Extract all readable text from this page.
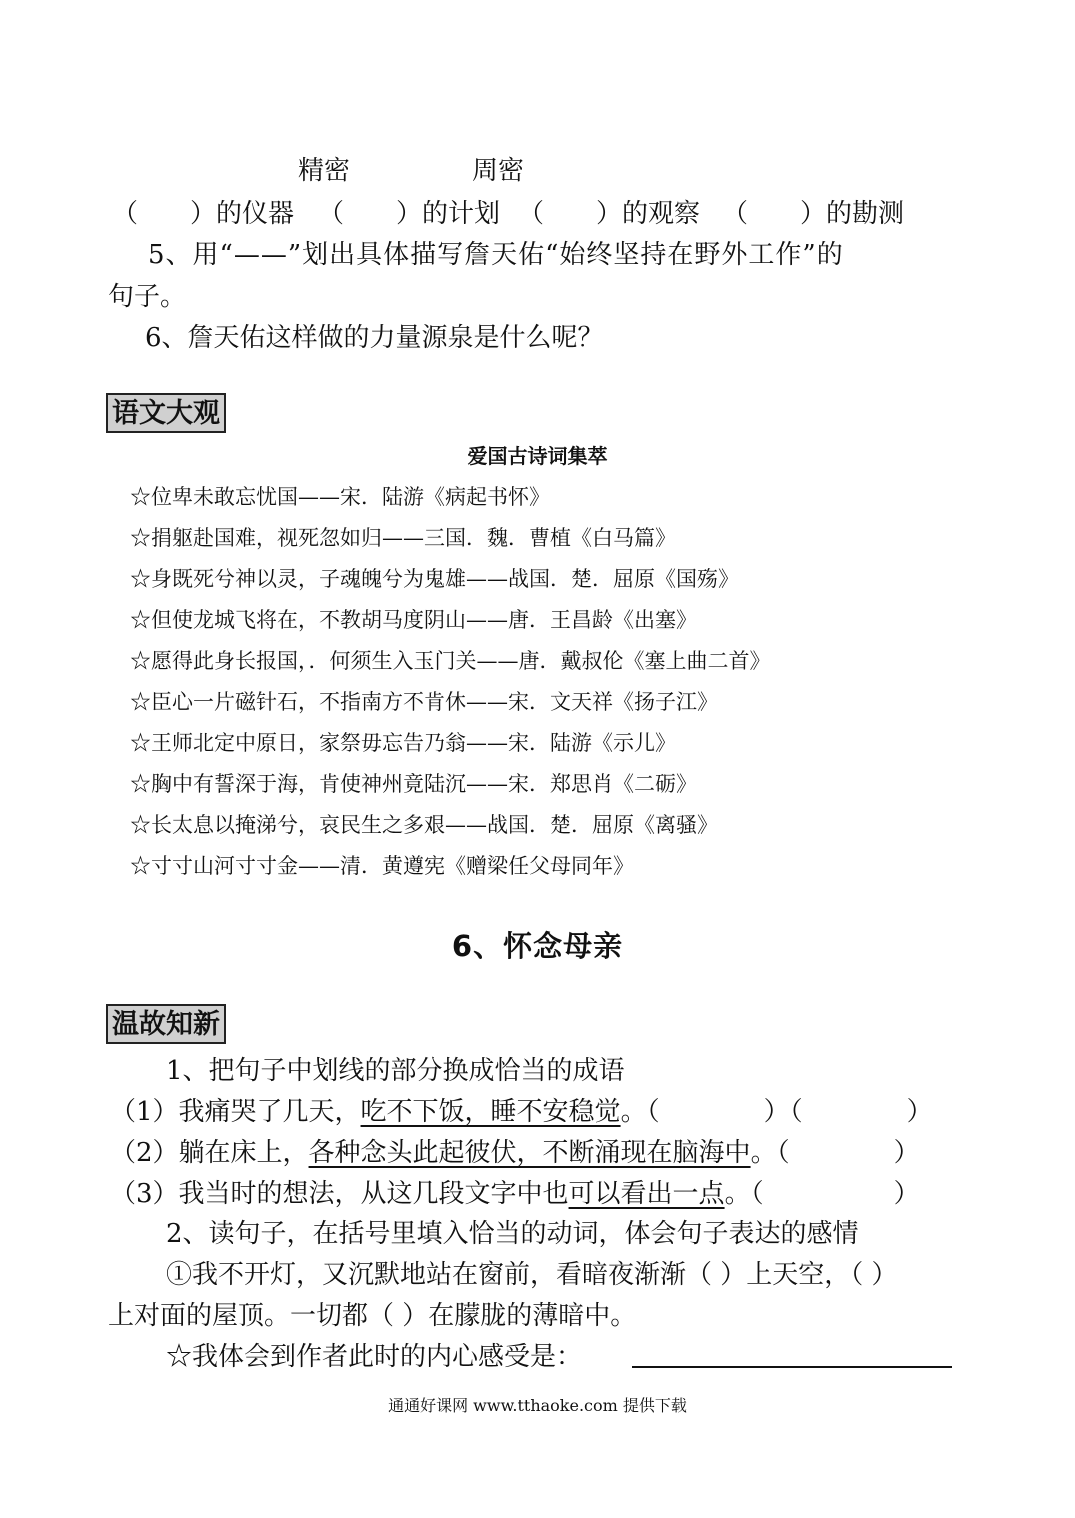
精密	周密
（　　）的仪器 （　　）的计划 （　　）的观察 （　　）的勘测
5、用“——”划出具体描写詹天佑“始终坚持在野外工作”的
句子。
6、詹天佑这样做的力量源泉是什么呢？
语文大观
爱国古诗词集萃
☆位卑未敢忘忧国——宋．陆游《病起书怀》
☆捐躯赴国难，视死忽如归——三国．魏．曹植《白马篇》
☆身既死兮神以灵，子魂魄兮为鬼雄——战国．楚．屈原《国殇》
☆但使龙城飞将在，不教胡马度阴山——唐．王昌龄《出塞》
☆愿得此身长报国，．何须生入玉门关——唐．戴叔伦《塞上曲二首》
☆臣心一片磁针石，不指南方不肯休——宋．文天祥《扬子江》
☆王师北定中原日，家祭毋忘告乃翁——宋．陆游《示儿》
☆胸中有誓深于海，肯使神州竟陆沉——宋．郑思肖《二砺》
☆长太息以掩涕兮，哀民生之多艰——战国．楚．屈原《离骚》
☆寸寸山河寸寸金——清．黄遵宪《赠梁任父母同年》
6、怀念母亲
温故知新
1、把句子中划线的部分换成恰当的成语
（1）我痛哭了几天，吃不下饭，睡不安稳觉。（　　　　）（　　　　）
（2）躺在床上，各种念头此起彼伏，不断涌现在脑海中。（　　　　）
（3）我当时的想法，从这几段文字中也可以看出一点。（　　　　　）
2、读句子，在括号里填入恰当的动词，体会句子表达的感情
①我不开灯，又沉默地站在窗前，看暗夜渐渐（ ）上天空，（ ）
上对面的屋顶。一切都（ ）在朦胧的薄暗中。
☆我体会到作者此时的内心感受是：
通通好课网 www.tthaoke.com 提供下载
